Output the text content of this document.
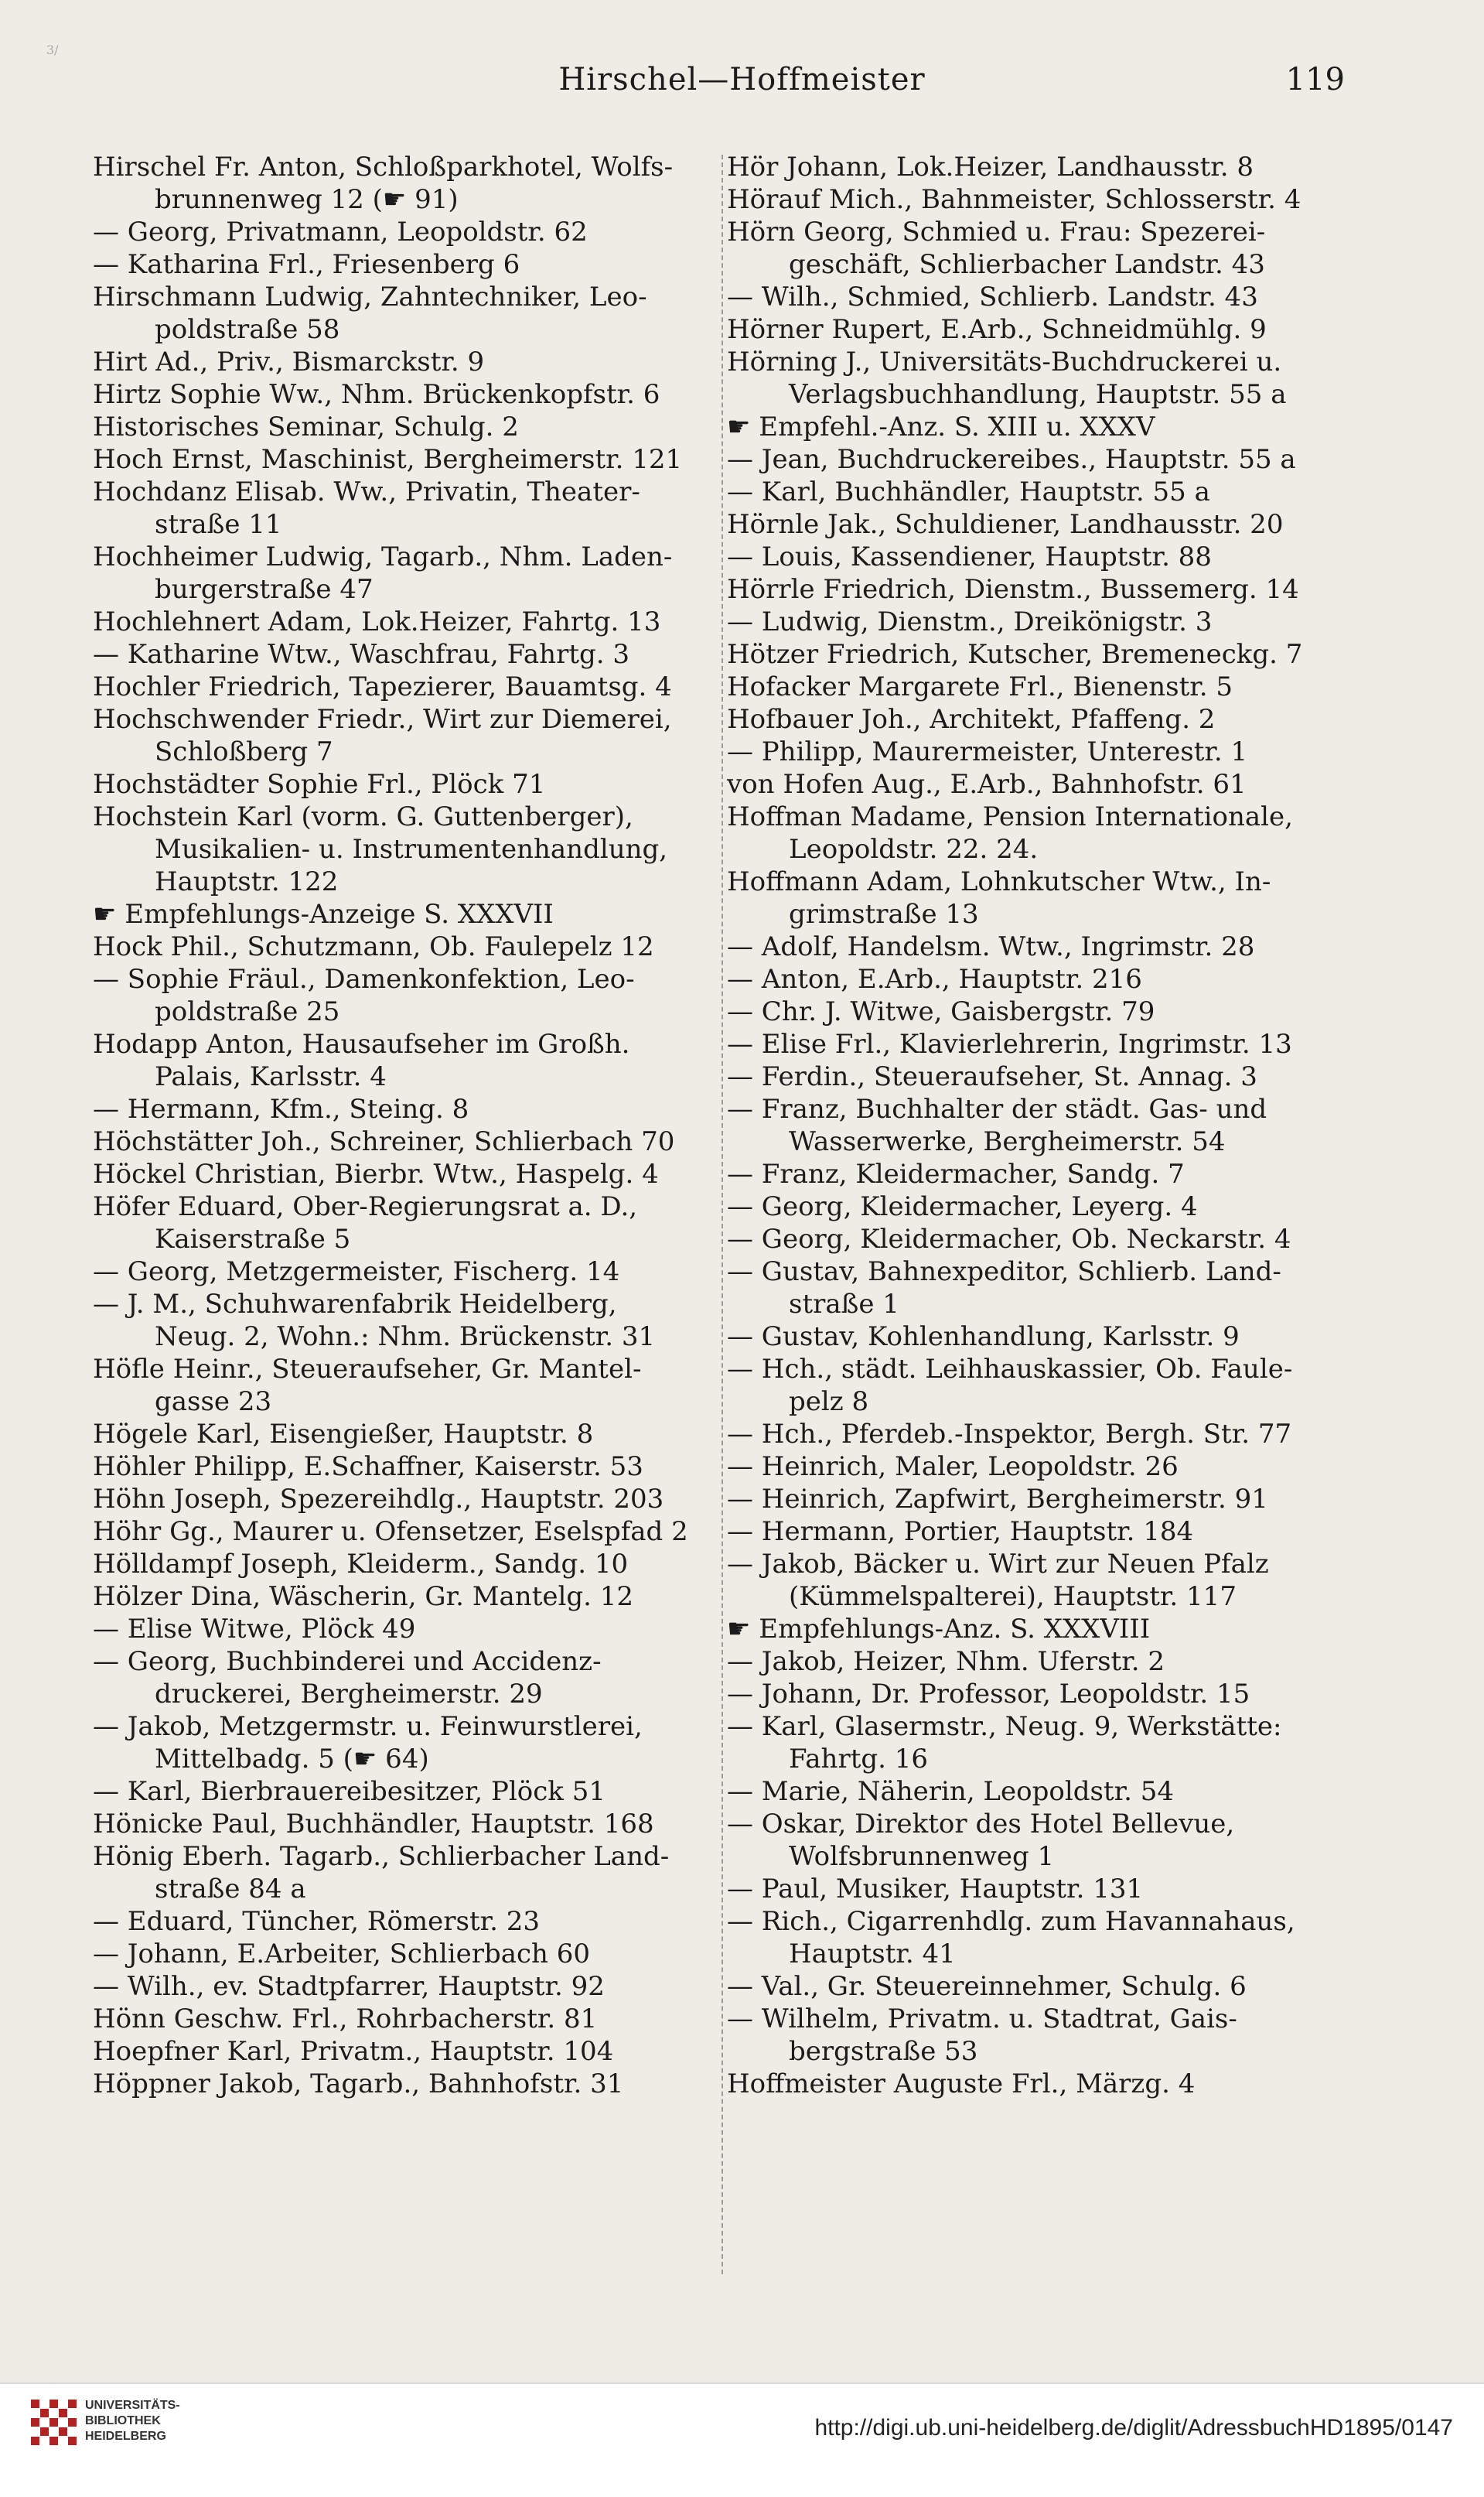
3/
Hirschel—Hoffmeister	119
Hirschel Fr. Anton, Schloßparkhotel, Wolfs-
brunnenweg 12 (☛ 91)
— Georg, Privatmann, Leopoldstr. 62
— Katharina Frl., Friesenberg 6
Hirschmann Ludwig, Zahntechniker, Leo-
poldstraße 58
Hirt Ad., Priv., Bismarckstr. 9
Hirtz Sophie Ww., Nhm. Brückenkopfstr. 6
Historisches Seminar, Schulg. 2
Hoch Ernst, Maschinist, Bergheimerstr. 121
Hochdanz Elisab. Ww., Privatin, Theater-
straße 11
Hochheimer Ludwig, Tagarb., Nhm. Laden-
burgerstraße 47
Hochlehnert Adam, Lok.Heizer, Fahrtg. 13
— Katharine Wtw., Waschfrau, Fahrtg. 3
Hochler Friedrich, Tapezierer, Bauamtsg. 4
Hochschwender Friedr., Wirt zur Diemerei,
Schloßberg 7
Hochstädter Sophie Frl., Plöck 71
Hochstein Karl (vorm. G. Guttenberger),
Musikalien- u. Instrumentenhandlung,
Hauptstr. 122
☛ Empfehlungs-Anzeige S. XXXVII
Hock Phil., Schutzmann, Ob. Faulepelz 12
— Sophie Fräul., Damenkonfektion, Leo-
poldstraße 25
Hodapp Anton, Hausaufseher im Großh.
Palais, Karlsstr. 4
— Hermann, Kfm., Steing. 8
Höchstätter Joh., Schreiner, Schlierbach 70
Höckel Christian, Bierbr. Wtw., Haspelg. 4
Höfer Eduard, Ober-Regierungsrat a. D.,
Kaiserstraße 5
— Georg, Metzgermeister, Fischerg. 14
— J. M., Schuhwarenfabrik Heidelberg,
Neug. 2, Wohn.: Nhm. Brückenstr. 31
Höfle Heinr., Steueraufseher, Gr. Mantel-
gasse 23
Högele Karl, Eisengießer, Hauptstr. 8
Höhler Philipp, E.Schaffner, Kaiserstr. 53
Höhn Joseph, Spezereihdlg., Hauptstr. 203
Höhr Gg., Maurer u. Ofensetzer, Eselspfad 2
Hölldampf Joseph, Kleiderm., Sandg. 10
Hölzer Dina, Wäscherin, Gr. Mantelg. 12
— Elise Witwe, Plöck 49
— Georg, Buchbinderei und Accidenz-
druckerei, Bergheimerstr. 29
— Jakob, Metzgermstr. u. Feinwurstlerei,
Mittelbadg. 5 (☛ 64)
— Karl, Bierbrauereibesitzer, Plöck 51
Hönicke Paul, Buchhändler, Hauptstr. 168
Hönig Eberh. Tagarb., Schlierbacher Land-
straße 84 a
— Eduard, Tüncher, Römerstr. 23
— Johann, E.Arbeiter, Schlierbach 60
— Wilh., ev. Stadtpfarrer, Hauptstr. 92
Hönn Geschw. Frl., Rohrbacherstr. 81
Hoepfner Karl, Privatm., Hauptstr. 104
Höppner Jakob, Tagarb., Bahnhofstr. 31
Hör Johann, Lok.Heizer, Landhausstr. 8
Hörauf Mich., Bahnmeister, Schlosserstr. 4
Hörn Georg, Schmied u. Frau: Spezerei-
geschäft, Schlierbacher Landstr. 43
— Wilh., Schmied, Schlierb. Landstr. 43
Hörner Rupert, E.Arb., Schneidmühlg. 9
Hörning J., Universitäts-Buchdruckerei u.
Verlagsbuchhandlung, Hauptstr. 55 a
☛ Empfehl.-Anz. S. XIII u. XXXV
— Jean, Buchdruckereibes., Hauptstr. 55 a
— Karl, Buchhändler, Hauptstr. 55 a
Hörnle Jak., Schuldiener, Landhausstr. 20
— Louis, Kassendiener, Hauptstr. 88
Hörrle Friedrich, Dienstm., Bussemerg. 14
— Ludwig, Dienstm., Dreikönigstr. 3
Hötzer Friedrich, Kutscher, Bremeneckg. 7
Hofacker Margarete Frl., Bienenstr. 5
Hofbauer Joh., Architekt, Pfaffeng. 2
— Philipp, Maurermeister, Unterestr. 1
von Hofen Aug., E.Arb., Bahnhofstr. 61
Hoffman Madame, Pension Internationale,
Leopoldstr. 22. 24.
Hoffmann Adam, Lohnkutscher Wtw., In-
grimstraße 13
— Adolf, Handelsm. Wtw., Ingrimstr. 28
— Anton, E.Arb., Hauptstr. 216
— Chr. J. Witwe, Gaisbergstr. 79
— Elise Frl., Klavierlehrerin, Ingrimstr. 13
— Ferdin., Steueraufseher, St. Annag. 3
— Franz, Buchhalter der städt. Gas- und
Wasserwerke, Bergheimerstr. 54
— Franz, Kleidermacher, Sandg. 7
— Georg, Kleidermacher, Leyerg. 4
— Georg, Kleidermacher, Ob. Neckarstr. 4
— Gustav, Bahnexpeditor, Schlierb. Land-
straße 1
— Gustav, Kohlenhandlung, Karlsstr. 9
— Hch., städt. Leihhauskassier, Ob. Faule-
pelz 8
— Hch., Pferdeb.-Inspektor, Bergh. Str. 77
— Heinrich, Maler, Leopoldstr. 26
— Heinrich, Zapfwirt, Bergheimerstr. 91
— Hermann, Portier, Hauptstr. 184
— Jakob, Bäcker u. Wirt zur Neuen Pfalz
(Kümmelspalterei), Hauptstr. 117
☛ Empfehlungs-Anz. S. XXXVIII
— Jakob, Heizer, Nhm. Uferstr. 2
— Johann, Dr. Professor, Leopoldstr. 15
— Karl, Glasermstr., Neug. 9, Werkstätte:
Fahrtg. 16
— Marie, Näherin, Leopoldstr. 54
— Oskar, Direktor des Hotel Bellevue,
Wolfsbrunnenweg 1
— Paul, Musiker, Hauptstr. 131
— Rich., Cigarrenhdlg. zum Havannahaus,
Hauptstr. 41
— Val., Gr. Steuereinnehmer, Schulg. 6
— Wilhelm, Privatm. u. Stadtrat, Gais-
bergstraße 53
Hoffmeister Auguste Frl., Märzg. 4
UNIVERSITÄTS-
BIBLIOTHEK
HEIDELBERG	http://digi.ub.uni-heidelberg.de/diglit/AdressbuchHD1895/0147
